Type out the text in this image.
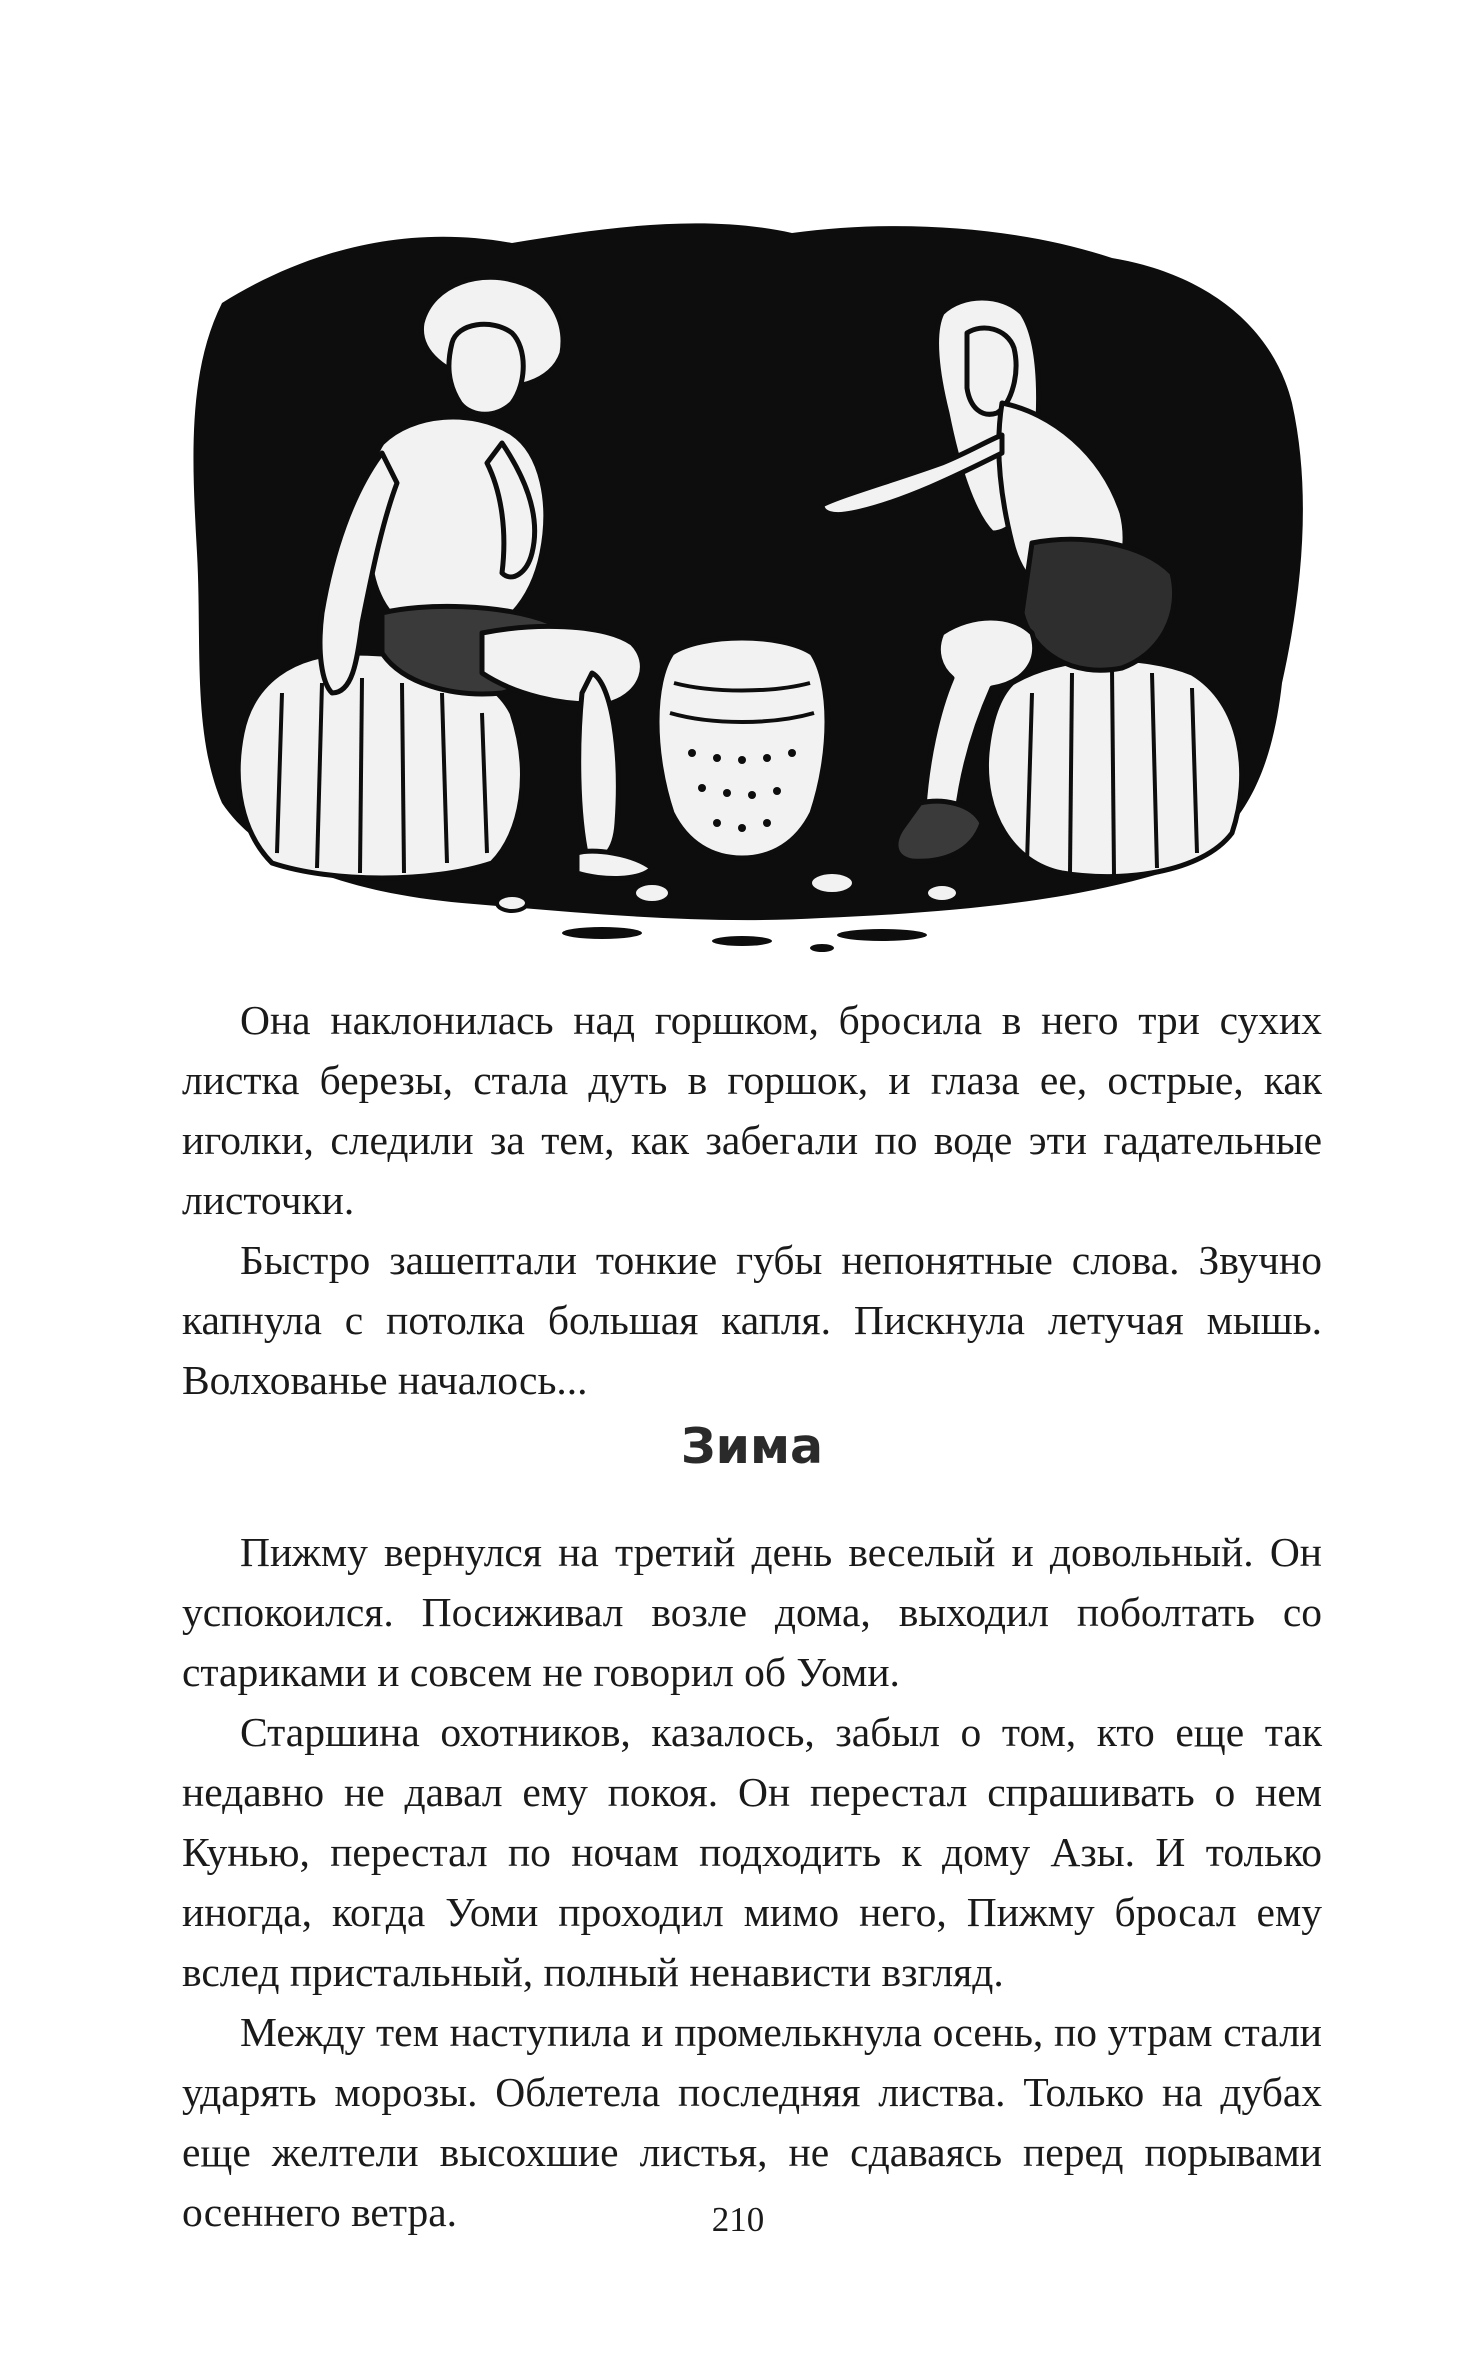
Она наклонилась над горшком, бросила в него три сухих листка березы, стала дуть в горшок, и глаза ее, острые, как иголки, следили за тем, как забегали по воде эти гадательные листочки.

Быстро зашептали тонкие губы непонятные слова. Звучно капнула с потолка большая капля. Пискнула летучая мышь. Волхованье началось...

Зима

Пижму вернулся на третий день веселый и довольный. Он успокоился. Посиживал возле дома, выходил поболтать со стариками и совсем не говорил об Уоми.

Старшина охотников, казалось, забыл о том, кто еще так недавно не давал ему покоя. Он перестал спрашивать о нем Кунью, перестал по ночам подходить к дому Азы. И только иногда, когда Уоми проходил мимо него, Пижму бросал ему вслед пристальный, полный ненависти взгляд.

Между тем наступила и промелькнула осень, по утрам стали ударять морозы. Облетела последняя листва. Только на дубах еще желтели высохшие листья, не сдаваясь перед порывами осеннего ветра.	210
